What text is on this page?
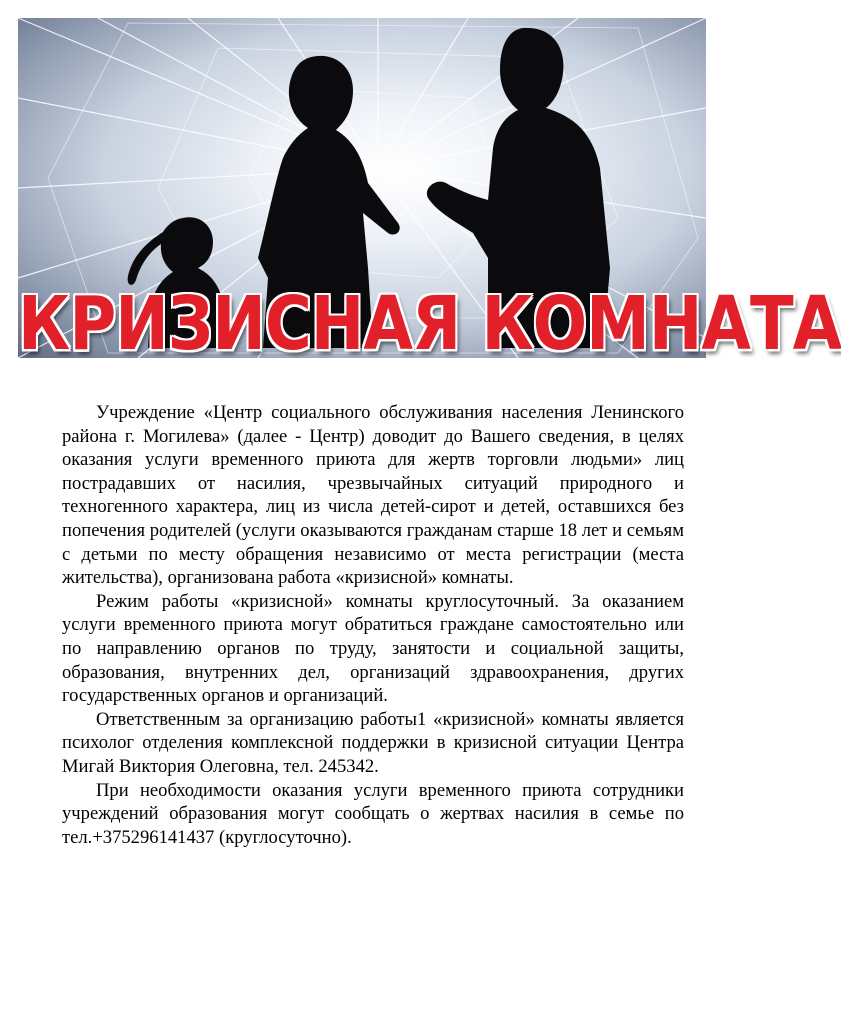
КРИЗИСНАЯ КОМНАТА

Учреждение «Центр социального обслуживания населения Ленинского района г. Могилева» (далее - Центр) доводит до Вашего сведения, в целях оказания услуги временного приюта для жертв торговли людьми» лиц пострадавших от насилия, чрезвычайных ситуаций природного и техногенного характера, лиц из числа детей-сирот и детей, оставшихся без попечения родителей (услуги оказываются гражданам старше 18 лет и семьям с детьми по месту обращения независимо от места регистрации (места жительства), организована работа «кризисной» комнаты.

Режим работы «кризисной» комнаты круглосуточный. За оказанием услуги временного приюта могут обратиться граждане самостоятельно или по направлению органов по труду, занятости и социальной защиты, образования, внутренних дел, организаций здравоохранения, других государственных органов и организаций.

Ответственным за организацию работы1 «кризисной» комнаты является психолог отделения комплексной поддержки в кризисной ситуации Центра Мигай Виктория Олеговна, тел. 245342.

При необходимости оказания услуги временного приюта сотрудники учреждений образования могут сообщать о жертвах насилия в семье по тел.+375296141437 (круглосуточно).
